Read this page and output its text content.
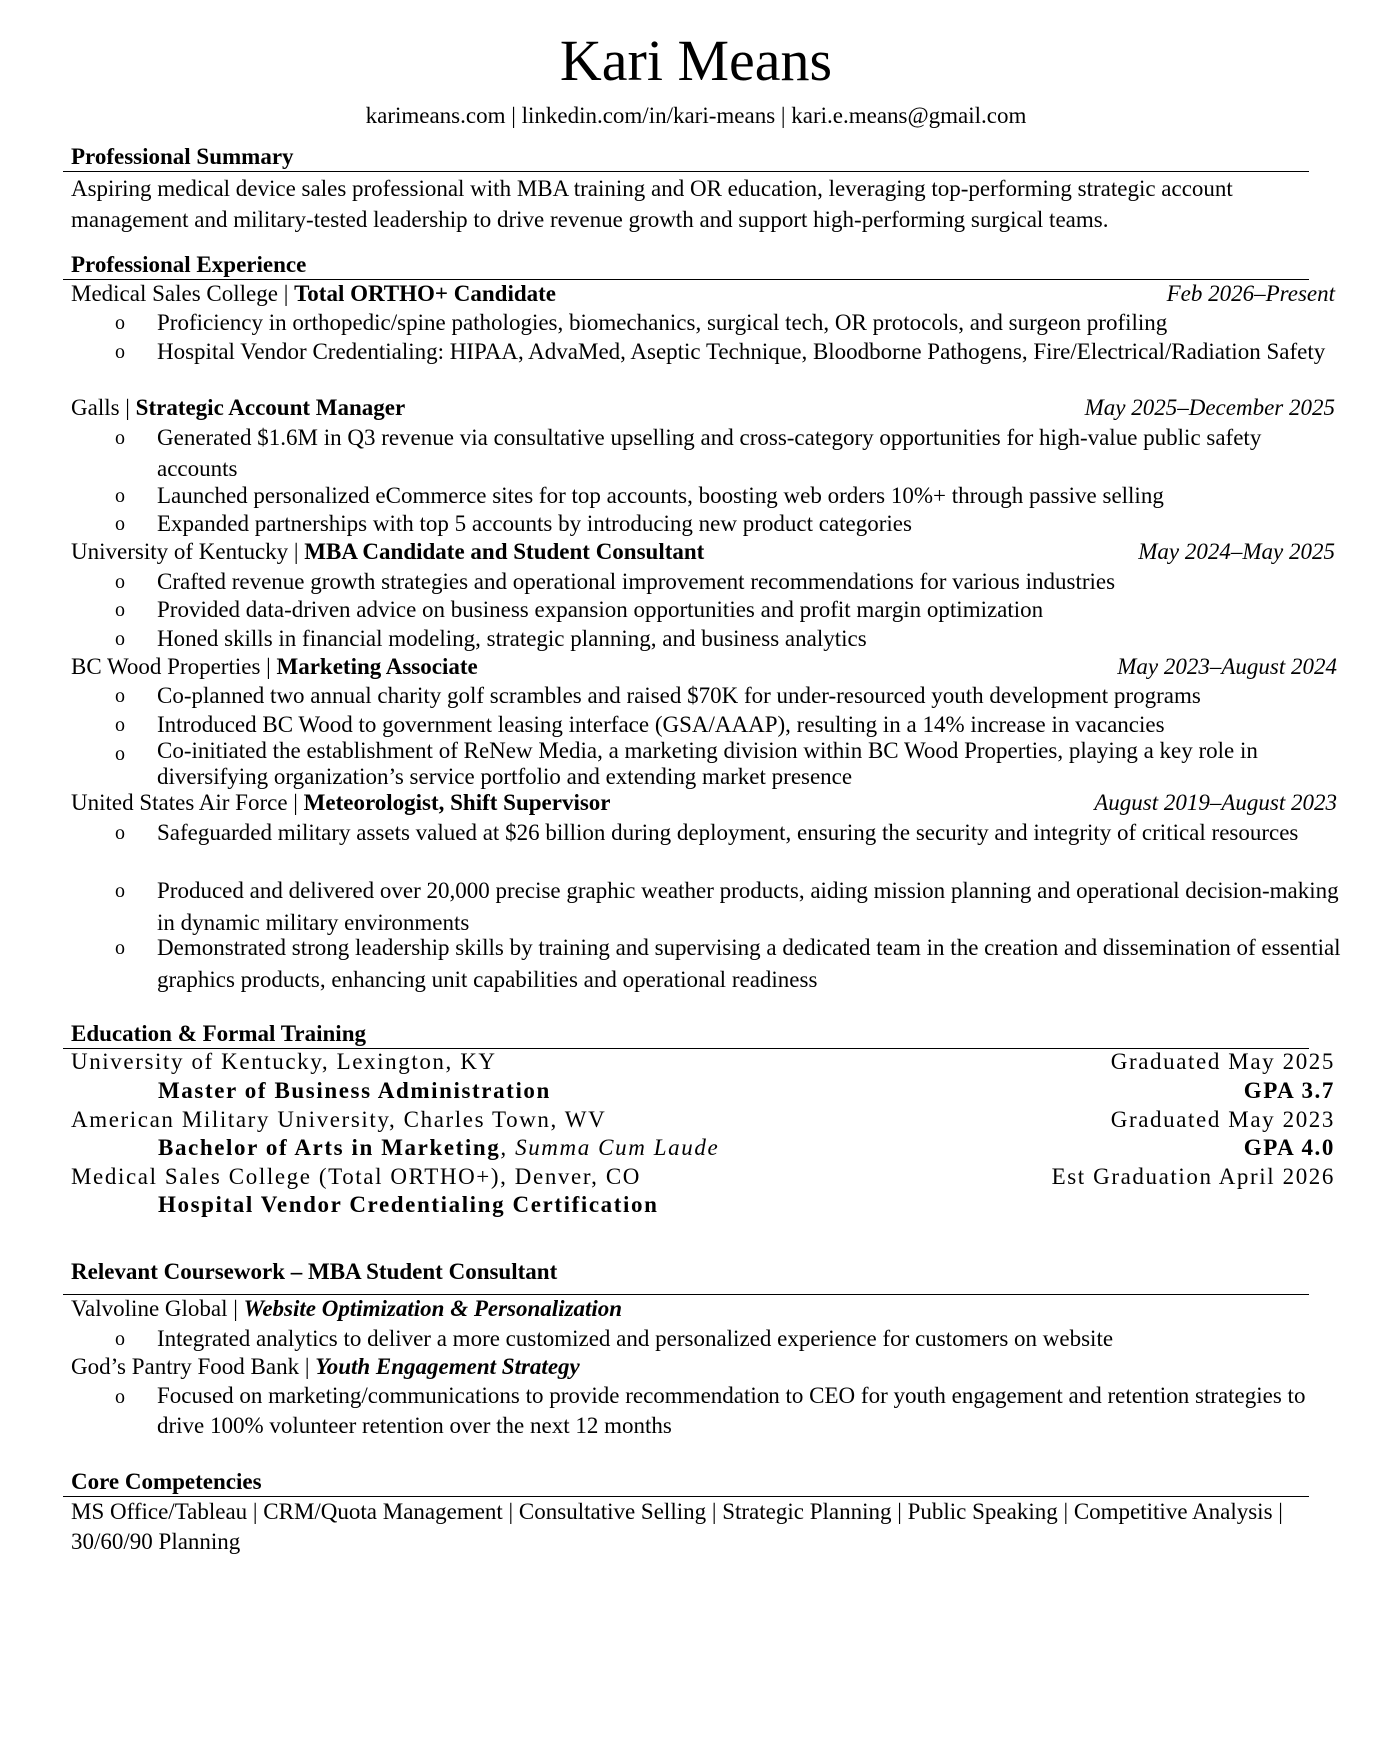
Kari Means
karimeans.com | linkedin.com/in/kari-means | kari.e.means@gmail.com
Professional Summary
Aspiring medical device sales professional with MBA training and OR education, leveraging top-performing strategic account management and military-tested leadership to drive revenue growth and support high-performing surgical teams.
Professional Experience
Medical Sales College | Total ORTHO+ Candidate	Feb 2026–Present
o Proficiency in orthopedic/spine pathologies, biomechanics, surgical tech, OR protocols, and surgeon profiling
o Hospital Vendor Credentialing: HIPAA, AdvaMed, Aseptic Technique, Bloodborne Pathogens, Fire/Electrical/Radiation Safety
Galls | Strategic Account Manager	May 2025–December 2025
o Generated $1.6M in Q3 revenue via consultative upselling and cross-category opportunities for high-value public safety accounts
o Launched personalized eCommerce sites for top accounts, boosting web orders 10%+ through passive selling
o Expanded partnerships with top 5 accounts by introducing new product categories
University of Kentucky | MBA Candidate and Student Consultant	May 2024–May 2025
o Crafted revenue growth strategies and operational improvement recommendations for various industries
o Provided data-driven advice on business expansion opportunities and profit margin optimization
o Honed skills in financial modeling, strategic planning, and business analytics
BC Wood Properties | Marketing Associate	May 2023–August 2024
o Co-planned two annual charity golf scrambles and raised $70K for under-resourced youth development programs
o Introduced BC Wood to government leasing interface (GSA/AAAP), resulting in a 14% increase in vacancies
o Co-initiated the establishment of ReNew Media, a marketing division within BC Wood Properties, playing a key role in diversifying organization’s service portfolio and extending market presence
United States Air Force | Meteorologist, Shift Supervisor	August 2019–August 2023
o Safeguarded military assets valued at $26 billion during deployment, ensuring the security and integrity of critical resources
o Produced and delivered over 20,000 precise graphic weather products, aiding mission planning and operational decision-making in dynamic military environments
o Demonstrated strong leadership skills by training and supervising a dedicated team in the creation and dissemination of essential graphics products, enhancing unit capabilities and operational readiness
Education & Formal Training
University of Kentucky, Lexington, KY	Graduated May 2025
Master of Business Administration	GPA 3.7
American Military University, Charles Town, WV	Graduated May 2023
Bachelor of Arts in Marketing, Summa Cum Laude	GPA 4.0
Medical Sales College (Total ORTHO+), Denver, CO	Est Graduation April 2026
Hospital Vendor Credentialing Certification
Relevant Coursework – MBA Student Consultant
Valvoline Global | Website Optimization & Personalization
o Integrated analytics to deliver a more customized and personalized experience for customers on website
God’s Pantry Food Bank | Youth Engagement Strategy
o Focused on marketing/communications to provide recommendation to CEO for youth engagement and retention strategies to drive 100% volunteer retention over the next 12 months
Core Competencies
MS Office/Tableau | CRM/Quota Management | Consultative Selling | Strategic Planning | Public Speaking | Competitive Analysis | 30/60/90 Planning
